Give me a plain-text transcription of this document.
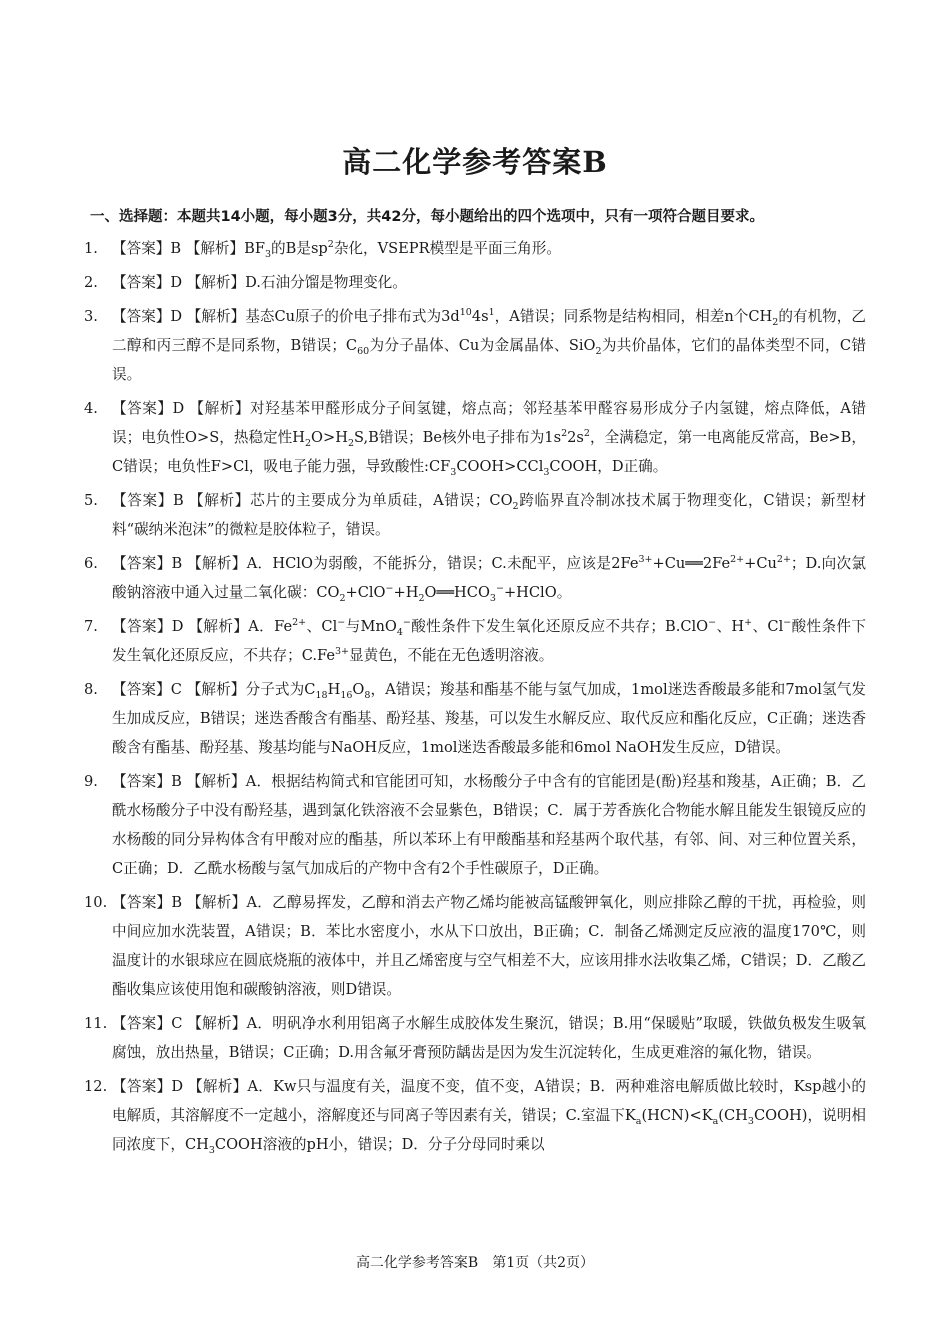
高二化学参考答案B
一、选择题：本题共14小题，每小题3分，共42分，每小题给出的四个选项中，只有一项符合题目要求。
1. 【答案】B 【解析】$BF_3$的B是$sp^2$杂化，VSEPR模型是平面三角形。
2. 【答案】D 【解析】D.石油分馏是物理变化。
3. 【答案】D 【解析】基态Cu原子的价电子排布式为$3d^{10}4s^1$，A错误；同系物是结构相同，相差n个$CH_2$的有机物，乙二醇和丙三醇不是同系物，B错误；$C_{60}$为分子晶体、Cu为金属晶体、SiO$_2$为共价晶体，它们的晶体类型不同，C错误。
4. 【答案】D 【解析】对羟基苯甲醛形成分子间氢键，熔点高；邻羟基苯甲醛容易形成分子内氢键，熔点降低，A错误；电负性O>S，热稳定性$H_2O>H_2S,B$错误；Be核外电子排布为$1s^22s^2$，全满稳定，第一电离能反常高，Be>B，C错误；电负性F>Cl，吸电子能力强，导致酸性$:CF_3COOH>CCl_3COOH$，D正确。
5. 【答案】B 【解析】芯片的主要成分为单质硅，A错误；$CO_2$跨临界直冷制冰技术属于物理变化，C错误；新型材料“碳纳米泡沫”的微粒是胶体粒子，错误。
6. 【答案】B 【解析】A．HClO为弱酸，不能拆分，错误；C.未配平，应该是$2Fe^{3+}+Cu══2Fe^{2+}+Cu^{2+}$；D.向次氯酸钠溶液中通入过量二氧化碳：$CO_2+ClO^-+H_2O══HCO_3^-+HClO$。
7. 【答案】D 【解析】A．$Fe^{2+}$、Cl−与MnO$_4$−酸性条件下发生氧化还原反应不共存；B.ClO−、H+、Cl−酸性条件下发生氧化还原反应，不共存；$C.Fe^{3+}$显黄色，不能在无色透明溶液。
8. 【答案】C 【解析】分子式为$C_{18}H_{16}O_8$，A错误；羧基和酯基不能与氢气加成，1mol迷迭香酸最多能和7mol氢气发生加成反应，B错误；迷迭香酸含有酯基、酚羟基、羧基，可以发生水解反应、取代反应和酯化反应，C正确；迷迭香酸含有酯基、酚羟基、羧基均能与NaOH反应，1mol迷迭香酸最多能和6mol NaOH发生反应，D错误。
9. 【答案】B 【解析】A．根据结构简式和官能团可知，水杨酸分子中含有的官能团是(酚)羟基和羧基，A正确；B．乙酰水杨酸分子中没有酚羟基，遇到氯化铁溶液不会显紫色，B错误；C．属于芳香族化合物能水解且能发生银镜反应的水杨酸的同分异构体含有甲酸对应的酯基，所以苯环上有甲酸酯基和羟基两个取代基，有邻、间、对三种位置关系，C正确；D．乙酰水杨酸与氢气加成后的产物中含有2个手性碳原子，D正确。
10. 【答案】B 【解析】A．乙醇易挥发，乙醇和消去产物乙烯均能被高锰酸钾氧化，则应排除乙醇的干扰，再检验，则中间应加水洗装置，A错误；B．苯比水密度小，水从下口放出，B正确；C．制备乙烯测定反应液的温度170℃，则温度计的水银球应在圆底烧瓶的液体中，并且乙烯密度与空气相差不大，应该用排水法收集乙烯，C错误；D．乙酸乙酯收集应该使用饱和碳酸钠溶液，则D错误。
11. 【答案】C 【解析】A．明矾净水利用铝离子水解生成胶体发生聚沉，错误；B.用“保暖贴”取暖，铁做负极发生吸氧腐蚀，放出热量，B错误；C正确；D.用含氟牙膏预防龋齿是因为发生沉淀转化，生成更难溶的氟化物，错误。
12. 【答案】D 【解析】A．Kw只与温度有关，温度不变，值不变，A错误；B．两种难溶电解质做比较时，Ksp越小的电解质，其溶解度不一定越小，溶解度还与同离子等因素有关，错误；C.室温下$K_a(HCN)<K_a(CH_3COOH)$，说明相同浓度下，$CH_3COOH$溶液的pH小，错误；D．分子分母同时乘以
高二化学参考答案B　第1页（共2页）
